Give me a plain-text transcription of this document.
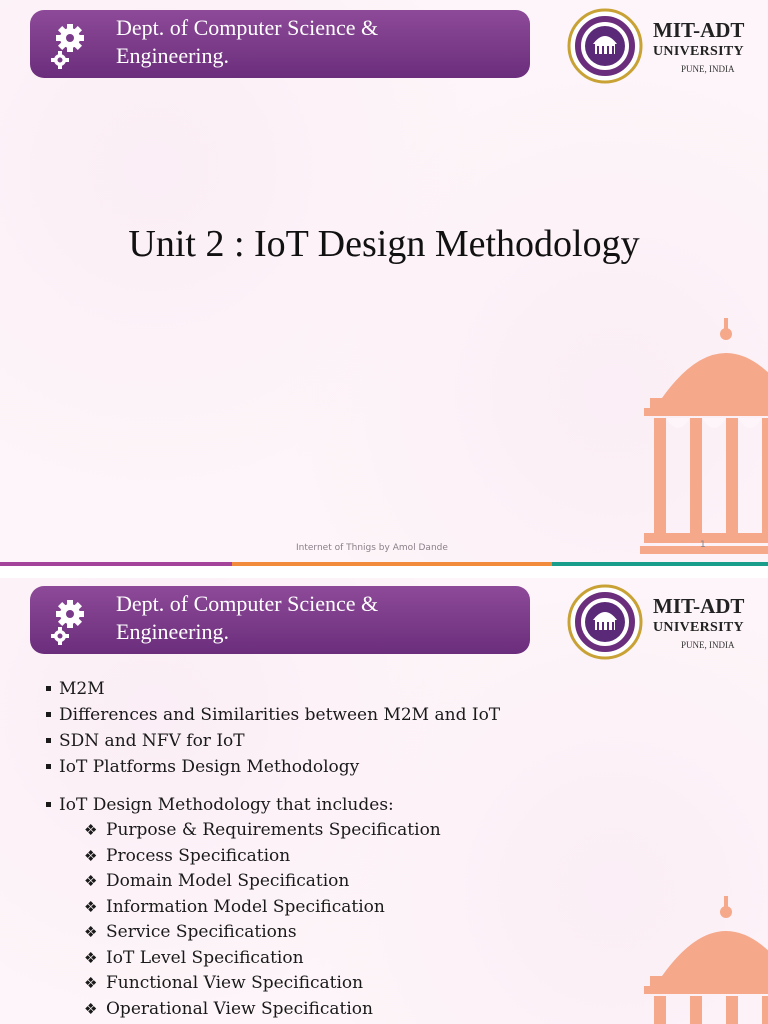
Dept. of Computer Science &
Engineering.
MIT-ADT
UNIVERSITY
PUNE, INDIA
Unit 2 : IoT Design Methodology
Internet of Thnigs by Amol Dande	1
Dept. of Computer Science &
Engineering.
MIT-ADT
UNIVERSITY
PUNE, INDIA
M2M
Differences and Similarities between M2M and IoT
SDN and NFV for IoT
IoT Platforms Design Methodology
IoT Design Methodology that includes:
❖ Purpose & Requirements Specification
❖ Process Specification
❖ Domain Model Specification
❖ Information Model Specification
❖ Service Specifications
❖ IoT Level Specification
❖ Functional View Specification
❖ Operational View Specification
